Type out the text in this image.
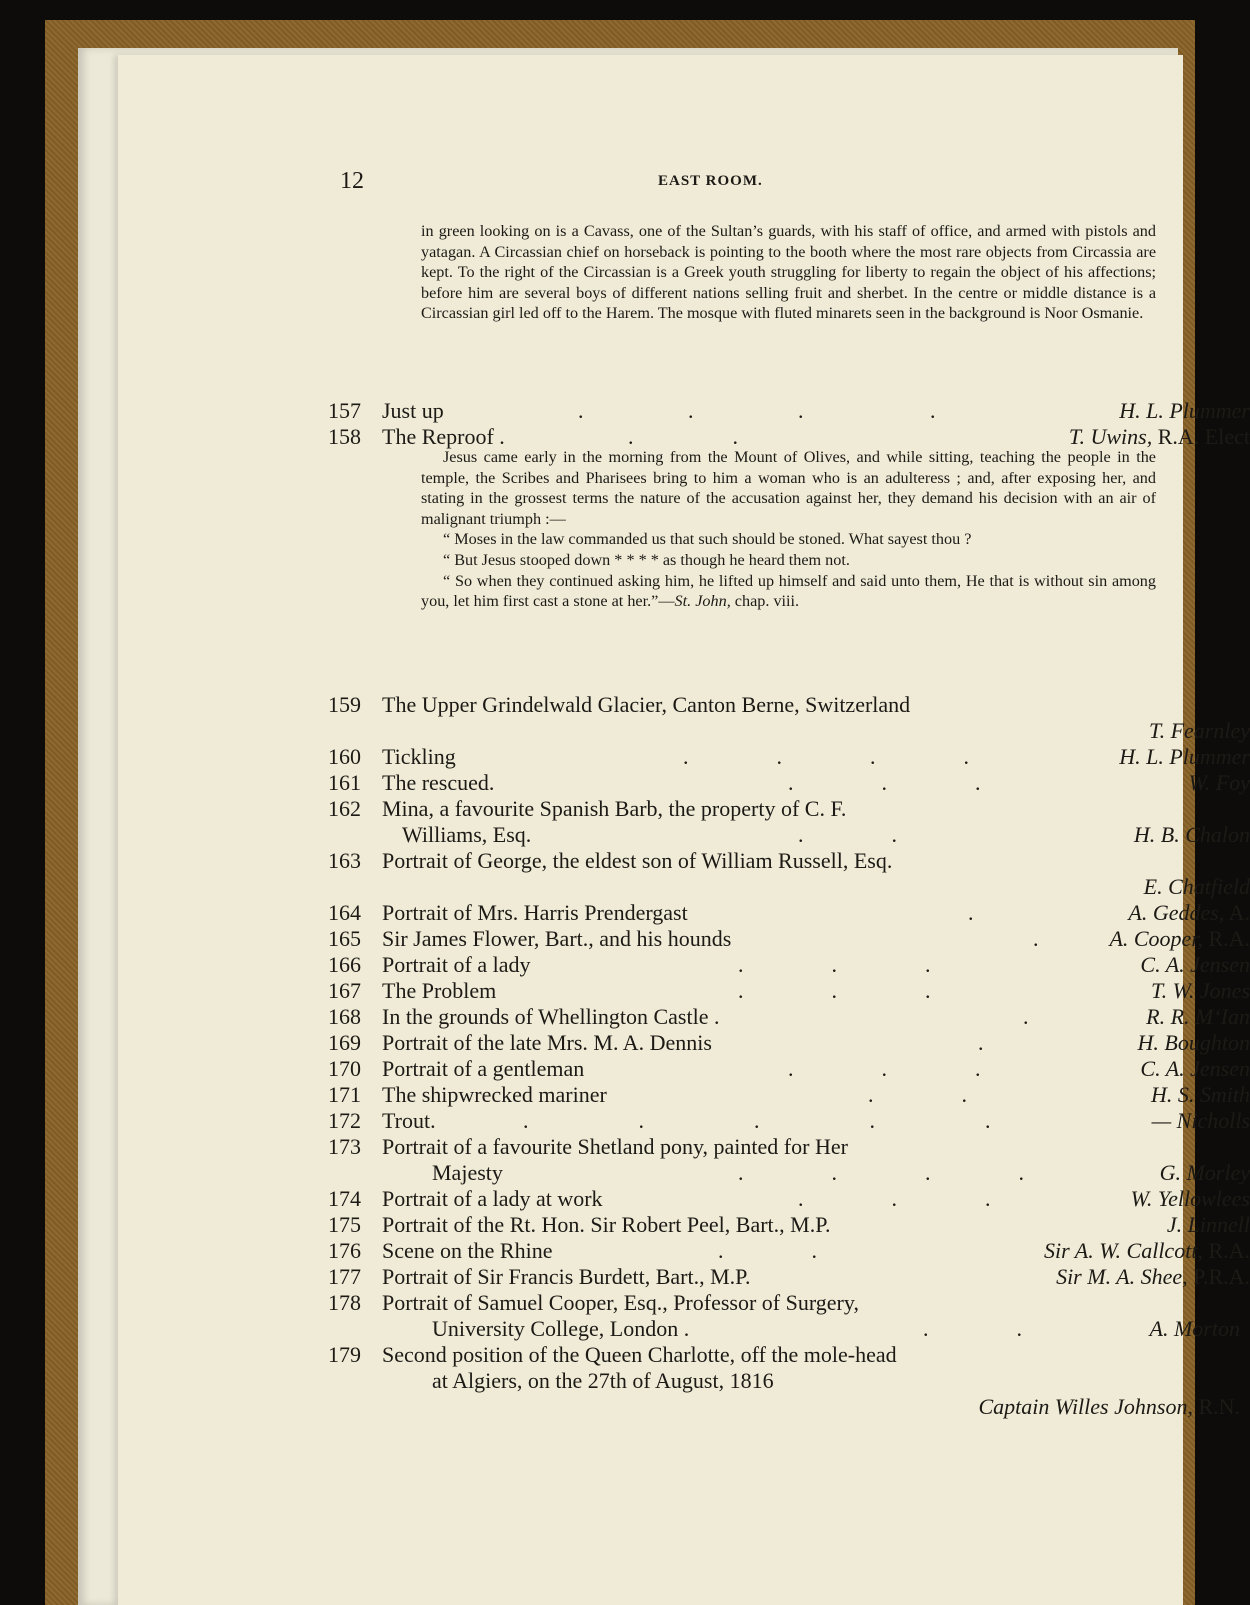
12	EAST ROOM.

in green looking on is a Cavass, one of the Sultan’s guards, with his staff of office, and armed with pistols and yatagan. A Circassian chief on horseback is pointing to the booth where the most rare objects from Circassia are kept. To the right of the Circassian is a Greek youth struggling for liberty to regain the object of his affections; before him are several boys of different nations selling fruit and sherbet. In the centre or middle distance is a Circassian girl led off to the Harem. The mosque with fluted minarets seen in the background is Noor Osmanie.

157 Just up	.                   .                   .                       .	H. L. Plummer
158 The Reproof .	.                  .	T. Uwins, R.A. Elect

Jesus came early in the morning from the Mount of Olives, and while sitting, teaching the people in the temple, the Scribes and Pharisees bring to him a woman who is an adulteress ; and, after exposing her, and stating in the grossest terms the nature of the accusation against her, they demand his decision with an air of malignant triumph :—

“ Moses in the law commanded us that such should be stoned. What sayest thou ?

“ But Jesus stooped down * * * * as though he heard them not.

“ So when they continued asking him, he lifted up himself and said unto them, He that is without sin among you, let him first cast a stone at her.”—St. John, chap. viii.

159 The Upper Grindelwald Glacier, Canton Berne, Switzerland
T. Fearnley
160 Tickling	.                .                .                .	H. L. Plummer
161 The rescued.	.                .                .	W. Foy
162 Mina, a favourite Spanish Barb, the property of C. F.
Williams, Esq.	.                .	H. B. Chalon
163 Portrait of George, the eldest son of William Russell, Esq.
E. Chatfield
164 Portrait of Mrs. Harris Prendergast	.	A. Geddes, A.
165 Sir James Flower, Bart., and his hounds	.	A. Cooper, R.A.
166 Portrait of a lady	.                .                .	C. A. Jensen
167 The Problem	.                .                .	T. W. Jones
168 In the grounds of Whellington Castle .	.	R. R. M‘Ian
169 Portrait of the late Mrs. M. A. Dennis	.	H. Boughton
170 Portrait of a gentleman	.                .                .	C. A. Jensen
171 The shipwrecked mariner	.                .	H. S. Smith
172 Trout.	.                    .                    .                    .                    .	— Nicholls
173 Portrait of a favourite Shetland pony, painted for Her
Majesty	.                .                .                .	G. Morley
174 Portrait of a lady at work	.                .                .	W. Yellowlees
175 Portrait of the Rt. Hon. Sir Robert Peel, Bart., M.P.	J. Linnell
176 Scene on the Rhine	.                .	Sir A. W. Callcott, R.A.
177 Portrait of Sir Francis Burdett, Bart., M.P.	Sir M. A. Shee, P.R.A.
178 Portrait of Samuel Cooper, Esq., Professor of Surgery,
University College, London .	.                .	A. Morton
179 Second position of the Queen Charlotte, off the mole-head
at Algiers, on the 27th of August, 1816
Captain Willes Johnson, R.N.
